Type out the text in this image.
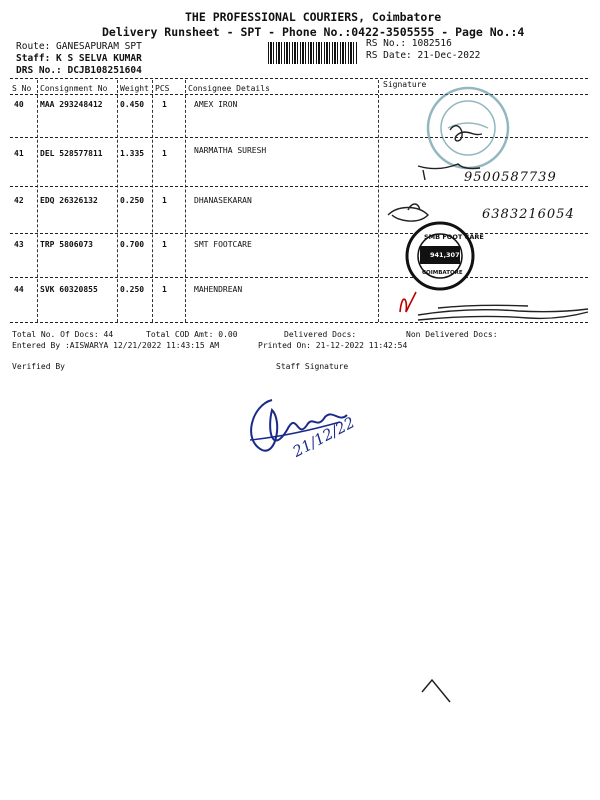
THE PROFESSIONAL COURIERS, Coimbatore
Delivery Runsheet - SPT - Phone No.:0422-3505555 - Page No.:4
Route: GANESAPURAM SPT
Staff: K S SELVA KUMAR
DRS No.: DCJB108251604
RS No.: 1082516
RS Date: 21-Dec-2022
S No Consignment No Weight PCS Consignee Details	Signature
40 MAA 293248412 0.450 1	AMEX IRON
41 DEL 528577811 1.335 1	NARMATHA SURESH
42 EDQ 26326132	0.250 1	DHANASEKARAN
43 TRP 5806073	0.700 1	SMT FOOTCARE
44 SVK 60320855	0.250 1	MAHENDREAN
9500587739
6383216054
SMB FOOT CARE
941,307
COIMBATORE
Total No. Of Docs: 44	Total COD Amt: 0.00	Delivered Docs:	Non Delivered Docs:
Entered By :AISWARYA 12/21/2022 11:43:15 AM	Printed On: 21-12-2022 11:42:54
Verified By	Staff Signature
21/12/22
